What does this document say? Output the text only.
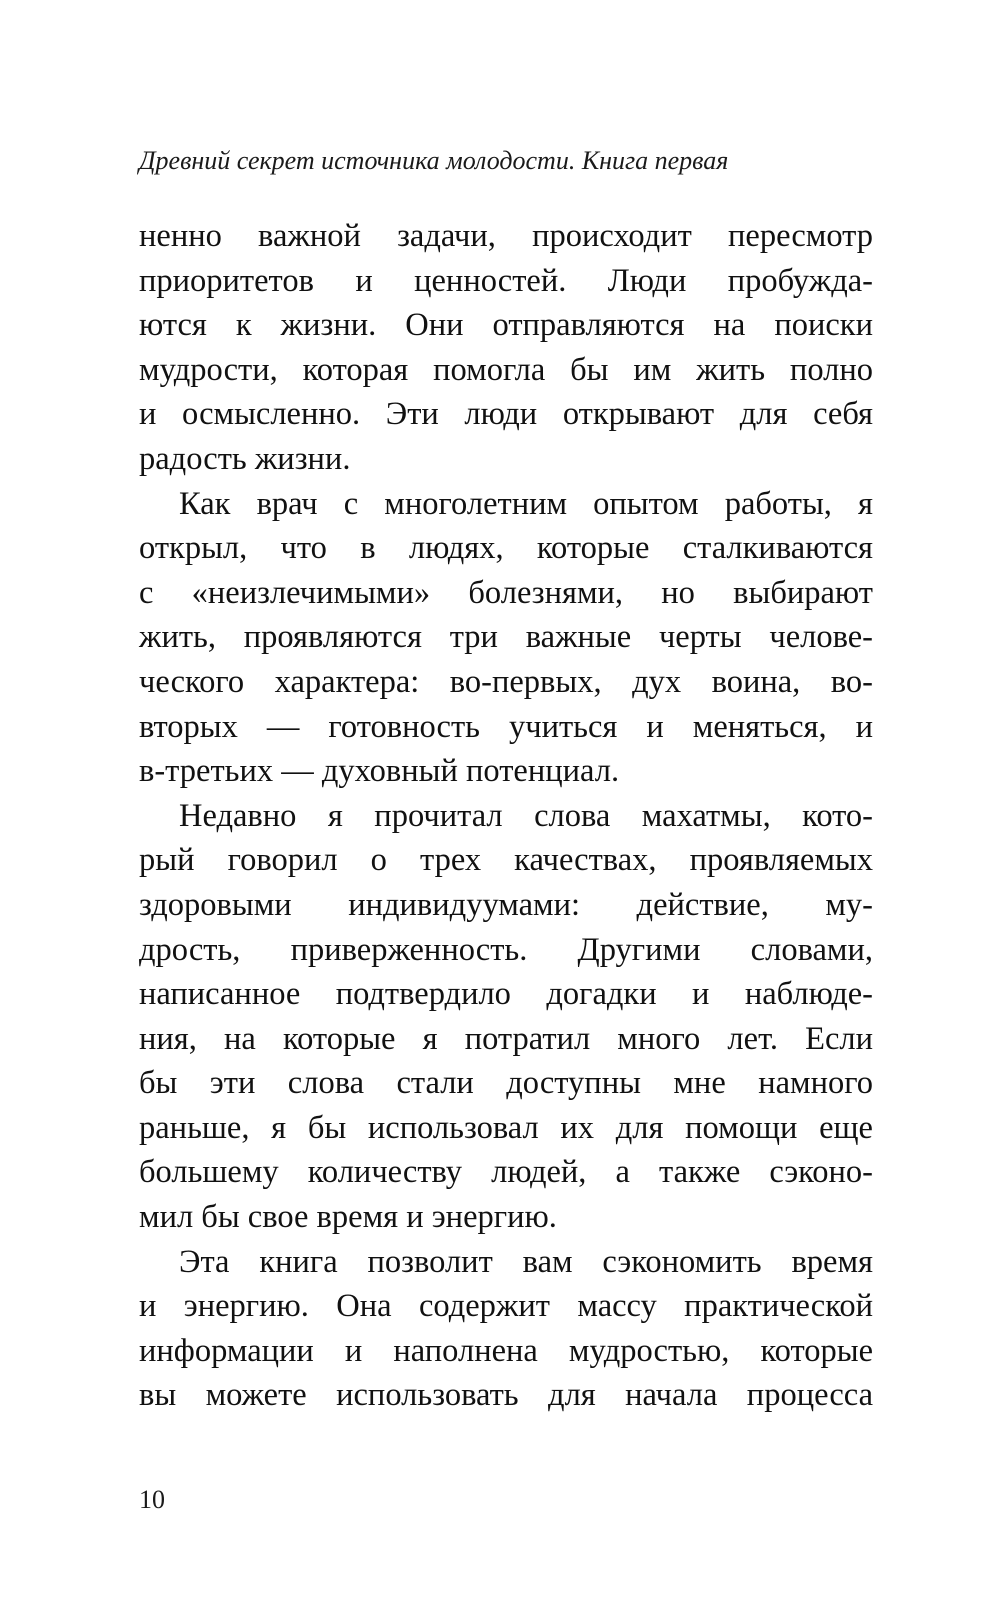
Древний секрет источника молодости. Книга первая
ненно важной задачи, происходит пересмотр
приоритетов и ценностей. Люди пробужда-
ются к жизни. Они отправляются на поиски
мудрости, которая помогла бы им жить полно
и осмысленно. Эти люди открывают для себя
радость жизни.
Как врач с многолетним опытом работы, я
открыл, что в людях, которые сталкиваются
с «неизлечимыми» болезнями, но выбирают
жить, проявляются три важные черты челове-
ческого характера: во-первых, дух воина, во-
вторых — готовность учиться и меняться, и
в-третьих — духовный потенциал.
Недавно я прочитал слова махатмы, кото-
рый говорил о трех качествах, проявляемых
здоровыми индивидуумами: действие, му-
дрость, приверженность. Другими словами,
написанное подтвердило догадки и наблюде-
ния, на которые я потратил много лет. Если
бы эти слова стали доступны мне намного
раньше, я бы использовал их для помощи еще
большему количеству людей, а также сэконо-
мил бы свое время и энергию.
Эта книга позволит вам сэкономить время
и энергию. Она содержит массу практической
информации и наполнена мудростью, которые
вы можете использовать для начала процесса
10
